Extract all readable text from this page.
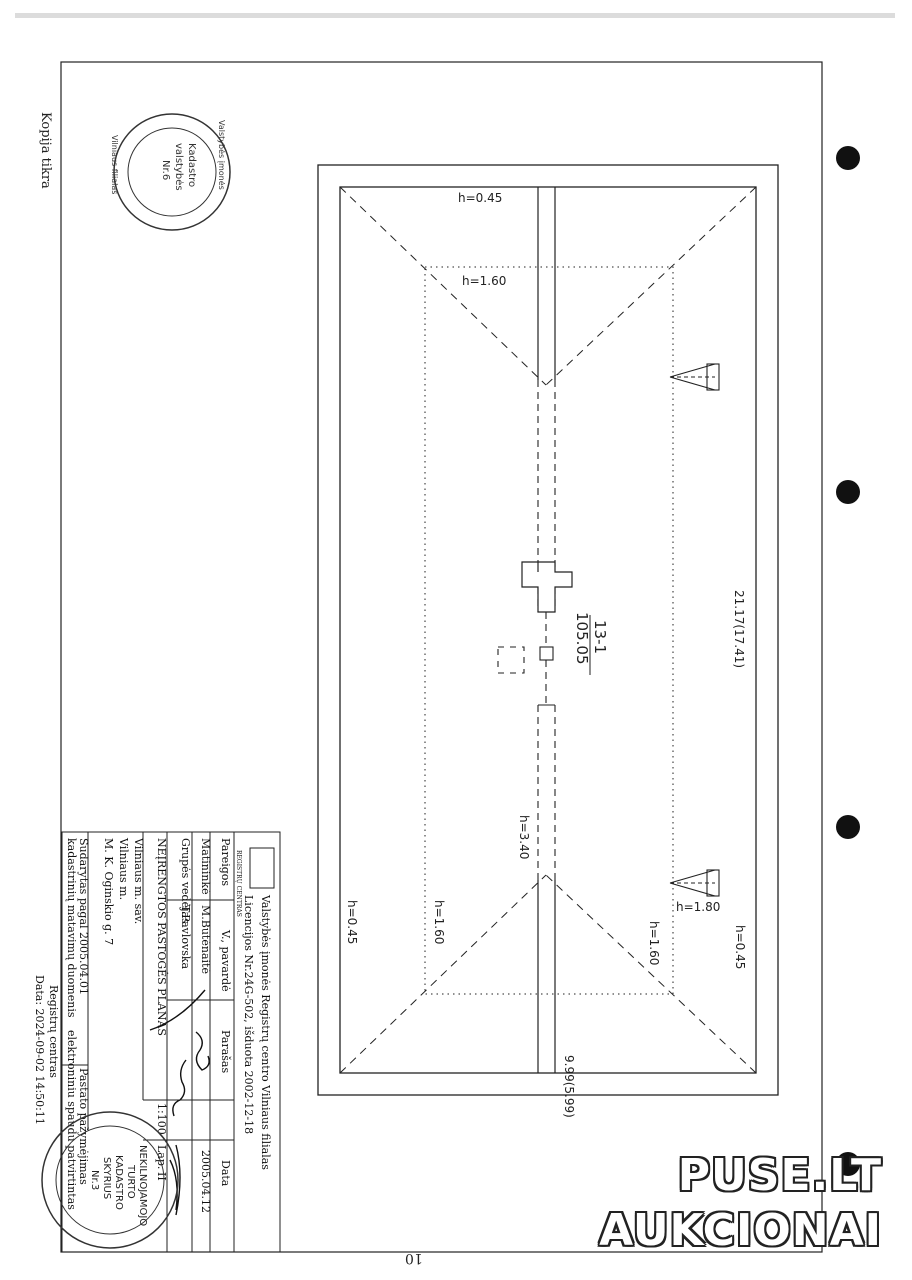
Kopija tikra
h=0.45
h=1.60
21.17(17.41)
13-1
105.05
h=3.40
h=0.45
h=1.80
h=1.60
h=1.60
h=0.45
9.99(5.99)
Kadastro
valstybės
Nr.6	Valstybės įmonės
Vilniaus filialas
Valstybės įmonės Registrų centro Vilniaus filialas
Licencijos Nr.24G-502, išduota 2002-12-18
REGISTRŲ CENTRAS
Pareigos
V., pavardė
Parašas
Data
Matininkė
M.Butėnaitė
2005.04.12
Grupės vedėjas
T.Pavlovska
NEĮRENGTOS PASTOGĖS PLANAS
1:100
Lap.
II
Vilniaus m. sav.
Vilniaus m.
M. K. Oginskio g. 7
Sudarytas pagal 2005.04.01
kadastrinių matavimų duomenis
Pastato pažymėjimas
elektroniniu spaudu patvirtintas
Registrų centras
Data: 2024-09-02 14:50:11
NEKILNOJAMOJO
TURTO
KADASTRO
SKYRIUS
Nr.3
10
PUSE.LT
AUKCIONAI
